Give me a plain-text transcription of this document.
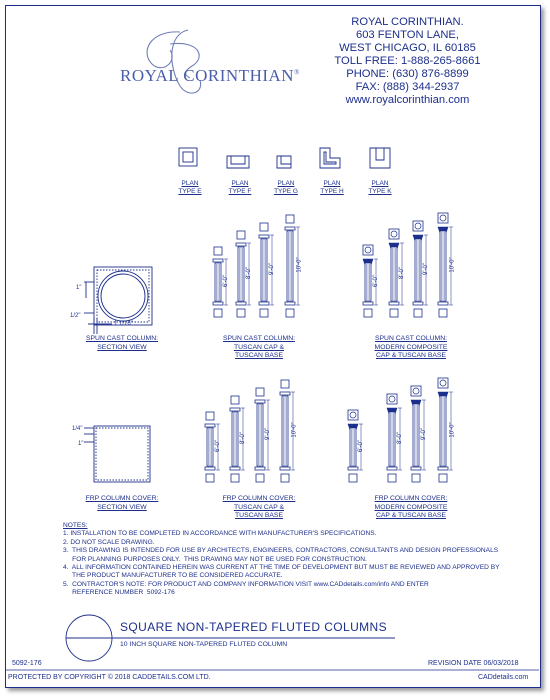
ROYAL CORINTHIAN.
603 FENTON LANE,
WEST CHICAGO, IL 60185
TOLL FREE: 1-888-265-8661
PHONE: (630) 876-8899
FAX: (888) 344-2937
www.royalcorinthian.com
ROYAL CORINTHIAN®
PLAN
TYPE E
PLAN
TYPE F
PLAN
TYPE G
PLAN
TYPE H
PLAN
TYPE K
1"
1/2"
1 1/16"
1/4"
1"
SPUN CAST COLUMN:
SECTION VIEW
SPUN CAST COLUMN:
TUSCAN CAP &
TUSCAN BASE
SPUN CAST COLUMN:
MODERN COMPOSITE
CAP & TUSCAN BASE
FRP COLUMN COVER:
SECTION VIEW
FRP COLUMN COVER:
TUSCAN CAP &
TUSCAN BASE
FRP COLUMN COVER:
MODERN COMPOSITE
CAP & TUSCAN BASE
6'-0"
8'-0"	9'-0"	10'-0"
6'-0"
8'-0"	9'-0"	10'-0"
6'-0"
8'-0"	9'-0"	10'-0"
6'-0"
8'-0"	9'-0"	10'-0"
NOTES:
1. INSTALLATION TO BE COMPLETED IN ACCORDANCE WITH MANUFACTURER'S SPECIFICATIONS.
2. DO NOT SCALE DRAWING.
3.  THIS DRAWING IS INTENDED FOR USE BY ARCHITECTS, ENGINEERS, CONTRACTORS, CONSULTANTS AND DESIGN PROFESSIONALS
FOR PLANNING PURPOSES ONLY.  THIS DRAWING MAY NOT BE USED FOR CONSTRUCTION.
4.  ALL INFORMATION CONTAINED HEREIN WAS CURRENT AT THE TIME OF DEVELOPMENT BUT MUST BE REVIEWED AND APPROVED BY
THE PRODUCT MANUFACTURER TO BE CONSIDERED ACCURATE.
5.  CONTRACTOR'S NOTE: FOR PRODUCT AND COMPANY INFORMATION VISIT www.CADdetails.com/info AND ENTER
REFERENCE NUMBER  5092-176
SQUARE NON-TAPERED FLUTED COLUMNS
10 INCH SQUARE NON-TAPERED FLUTED COLUMN
5092-176	REVISION DATE 06/03/2018
PROTECTED BY COPYRIGHT © 2018 CADDETAILS.COM LTD.	CADdetails.com
